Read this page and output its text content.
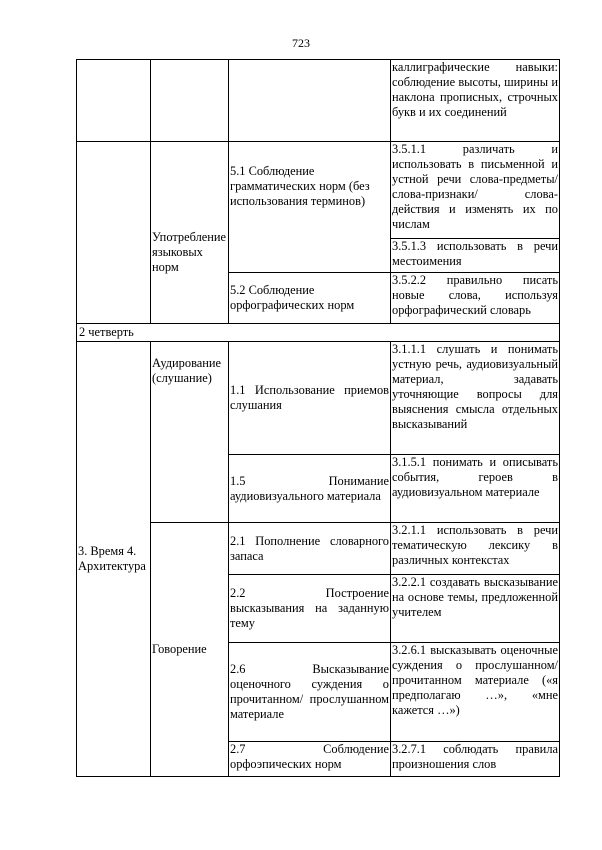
723
			каллиграфические навыки: соблюдение высоты, ширины и наклона прописных, строчных букв и их соединений
	Употребление языковых норм	5.1 Соблюдение грамматических норм (без использования терминов)	3.5.1.1 различать и использовать в письменной и устной речи слова-предметы/слова-признаки/ слова-действия и изменять их по числам
			3.5.1.3 использовать в речи местоимения
		5.2 Соблюдение орфографических норм	3.5.2.2 правильно писать новые слова, используя орфографический словарь
2 четверть			
3. Время 4. Архитектура	Аудирование (слушание)	1.1 Использование приемов слушания	3.1.1.1 слушать и понимать устную речь, аудиовизуальный материал, задавать уточняющие вопросы для выяснения смысла отдельных высказываний
		1.5 Понимание аудиовизуального материала	3.1.5.1 понимать и описывать события, героев в аудиовизуальном материале
	Говорение	2.1 Пополнение словарного запаса	3.2.1.1 использовать в речи тематическую лексику в различных контекстах
		2.2 Построение высказывания на заданную тему	3.2.2.1 создавать высказывание на основе темы, предложенной учителем
		2.6 Высказывание оценочного суждения о прочитанном/ прослушанном материале	3.2.6.1 высказывать оценочные суждения о прослушанном/ прочитанном материале («я предполагаю …», «мне кажется …»)
		2.7 Соблюдение орфоэпических норм	3.2.7.1 соблюдать правила произношения слов
